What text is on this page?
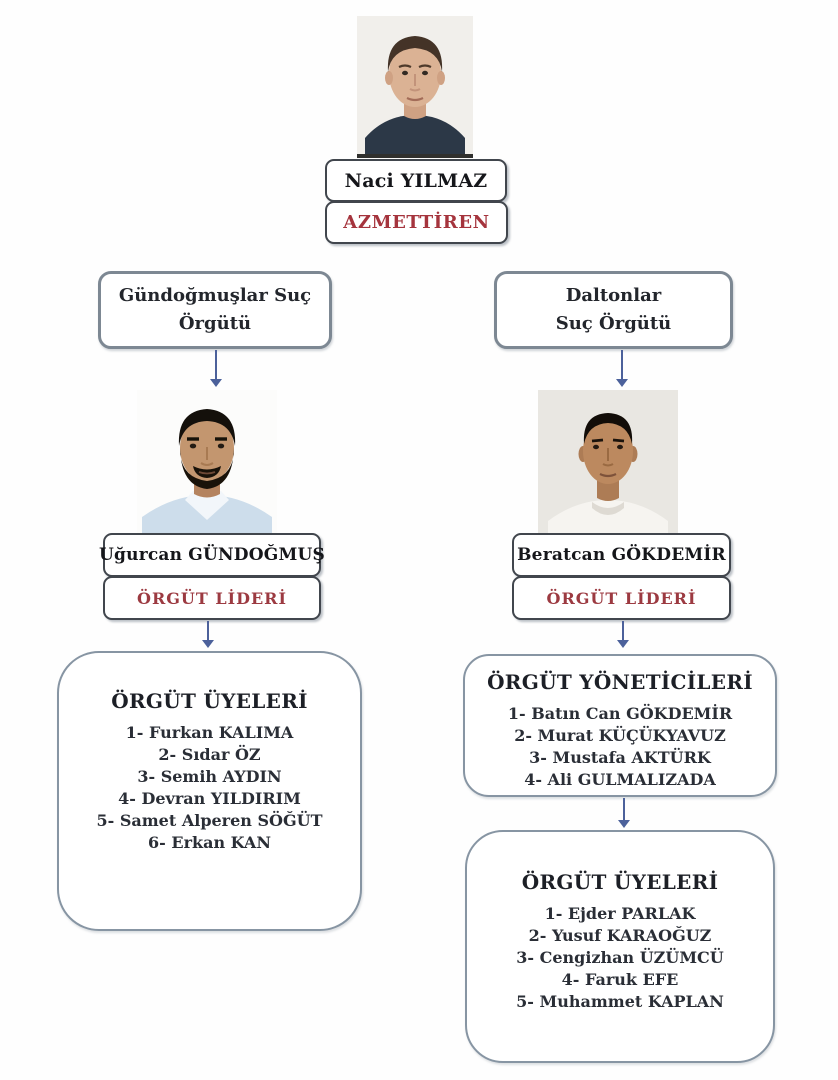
Naci YILMAZ
AZMETTİREN
Gündoğmuşlar Suç
Örgütü
Daltonlar
Suç Örgütü
Uğurcan GÜNDOĞMUŞ
ÖRGÜT LİDERİ
Beratcan GÖKDEMİR
ÖRGÜT LİDERİ
ÖRGÜT ÜYELERİ
1- Furkan KALIMA
2- Sıdar ÖZ
3- Semih AYDIN
4- Devran YILDIRIM
5- Samet Alperen SÖĞÜT
6- Erkan KAN
ÖRGÜT YÖNETİCİLERİ
1- Batın Can GÖKDEMİR
2- Murat KÜÇÜKYAVUZ
3- Mustafa AKTÜRK
4- Ali GULMALIZADA
ÖRGÜT ÜYELERİ
1- Ejder PARLAK
2- Yusuf KARAOĞUZ
3- Cengizhan ÜZÜMCÜ
4- Faruk EFE
5- Muhammet KAPLAN
